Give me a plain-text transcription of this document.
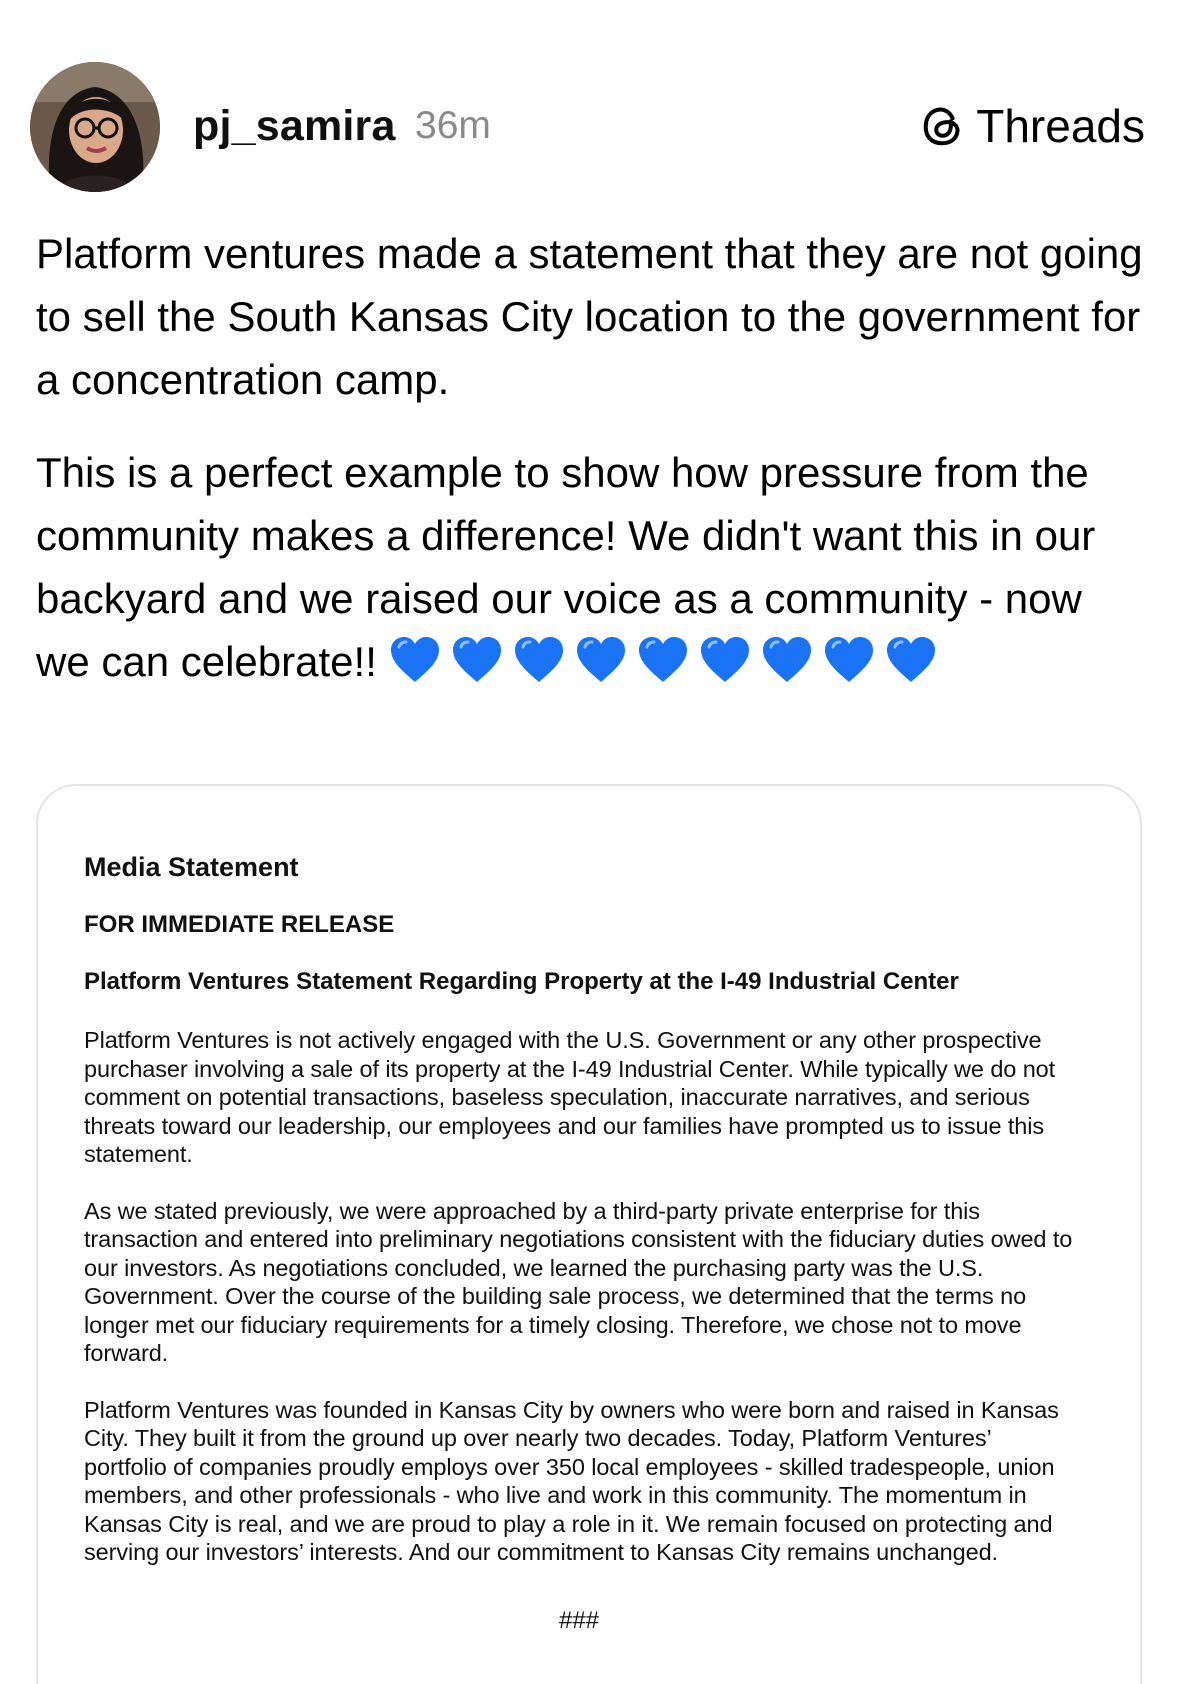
pj_samira 36m	Threads

Platform ventures made a statement that they are not going to sell the South Kansas City location to the government for a concentration camp.

This is a perfect example to show how pressure from the community makes a difference! We didn't want this in our backyard and we raised our voice as a community - now we can celebrate!!

Media Statement
FOR IMMEDIATE RELEASE
Platform Ventures Statement Regarding Property at the I-49 Industrial Center
Platform Ventures is not actively engaged with the U.S. Government or any other prospective purchaser involving a sale of its property at the I-49 Industrial Center. While typically we do not comment on potential transactions, baseless speculation, inaccurate narratives, and serious threats toward our leadership, our employees and our families have prompted us to issue this statement.
As we stated previously, we were approached by a third-party private enterprise for this transaction and entered into preliminary negotiations consistent with the fiduciary duties owed to our investors. As negotiations concluded, we learned the purchasing party was the U.S. Government. Over the course of the building sale process, we determined that the terms no longer met our fiduciary requirements for a timely closing. Therefore, we chose not to move forward.
Platform Ventures was founded in Kansas City by owners who were born and raised in Kansas City. They built it from the ground up over nearly two decades. Today, Platform Ventures’ portfolio of companies proudly employs over 350 local employees - skilled tradespeople, union members, and other professionals - who live and work in this community. The momentum in Kansas City is real, and we are proud to play a role in it. We remain focused on protecting and serving our investors’ interests. And our commitment to Kansas City remains unchanged.
###
